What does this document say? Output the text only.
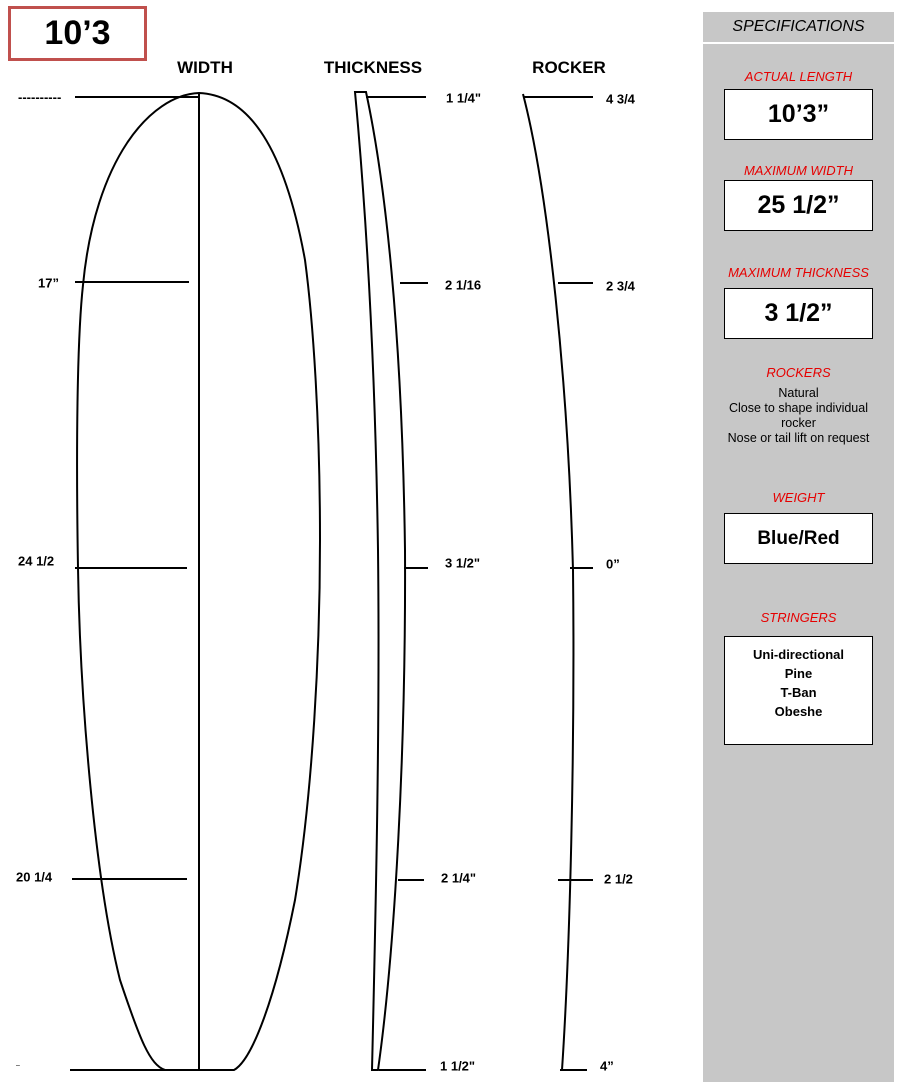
10’3
WIDTH	THICKNESS	ROCKER
----------
17”
24 1/2
20 1/4
–
1 1/4"
2 1/16
3 1/2"
2 1/4"
1 1/2"
4 3/4
2 3/4
0”
2 1/2
4”
SPECIFICATIONS
ACTUAL LENGTH
10’3”
MAXIMUM WIDTH
25 1/2”
MAXIMUM THICKNESS
3 1/2”
ROCKERS
Natural
Close to shape individual
rocker
Nose or tail lift on request
WEIGHT
Blue/Red
STRINGERS
Uni-directional
Pine
T-Ban
Obeshe
